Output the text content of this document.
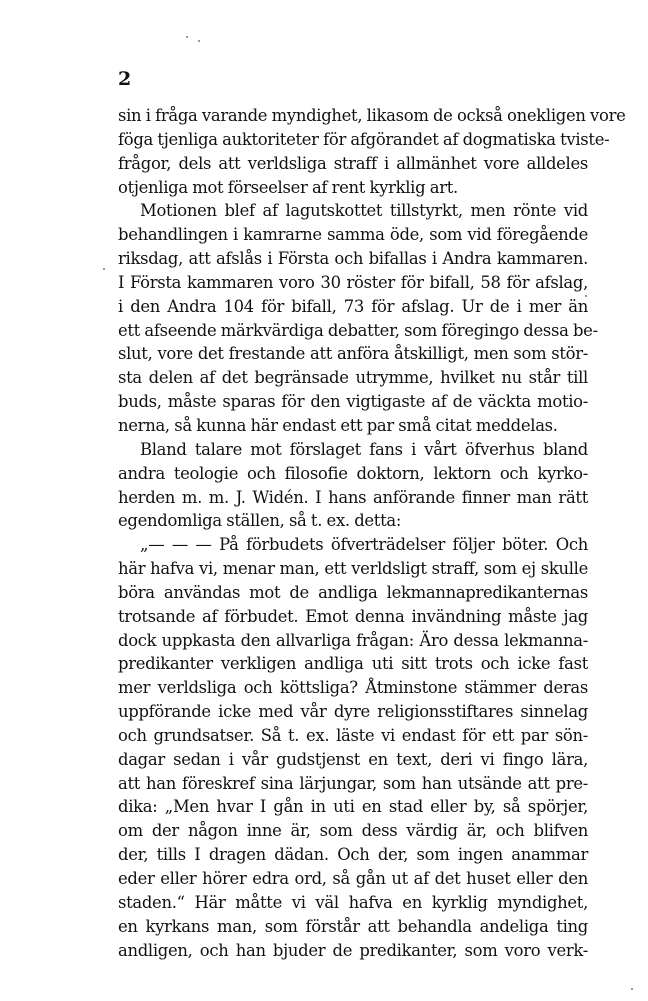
2
sin i fråga varande myndighet, likasom de också onekligen vore
föga tjenliga auktoriteter för afgörandet af dogmatiska tviste-
frågor, dels att verldsliga straff i allmänhet vore alldeles
otjenliga mot förseelser af rent kyrklig art.
Motionen blef af lagutskottet tillstyrkt, men rönte vid
behandlingen i kamrarne samma öde, som vid föregående
riksdag, att afslås i Första och bifallas i Andra kammaren.
I Första kammaren voro 30 röster för bifall, 58 för afslag,
i den Andra 104 för bifall, 73 för afslag. Ur de i mer än
ett afseende märkvärdiga debatter, som föregingo dessa be-
slut, vore det frestande att anföra åtskilligt, men som stör-
sta delen af det begränsade utrymme, hvilket nu står till
buds, måste sparas för den vigtigaste af de väckta motio-
nerna, så kunna här endast ett par små citat meddelas.
Bland talare mot förslaget fans i vårt öfverhus bland
andra teologie och filosofie doktorn, lektorn och kyrko-
herden m. m. J. Widén. I hans anförande finner man rätt
egendomliga ställen, så t. ex. detta:
„— — — På förbudets öfverträdelser följer böter. Och
här hafva vi, menar man, ett verldsligt straff, som ej skulle
böra användas mot de andliga lekmannapredikanternas
trotsande af förbudet. Emot denna invändning måste jag
dock uppkasta den allvarliga frågan: Äro dessa lekmanna-
predikanter verkligen andliga uti sitt trots och icke fast
mer verldsliga och köttsliga? Åtminstone stämmer deras
uppförande icke med vår dyre religionsstiftares sinnelag
och grundsatser. Så t. ex. läste vi endast för ett par sön-
dagar sedan i vår gudstjenst en text, deri vi fingo lära,
att han föreskref sina lärjungar, som han utsände att pre-
dika: „Men hvar I gån in uti en stad eller by, så spörjer,
om der någon inne är, som dess värdig är, och blifven
der, tills I dragen dädan. Och der, som ingen anammar
eder eller hörer edra ord, så gån ut af det huset eller den
staden.“ Här måtte vi väl hafva en kyrklig myndighet,
en kyrkans man, som förstår att behandla andeliga ting
andligen, och han bjuder de predikanter, som voro verk-
